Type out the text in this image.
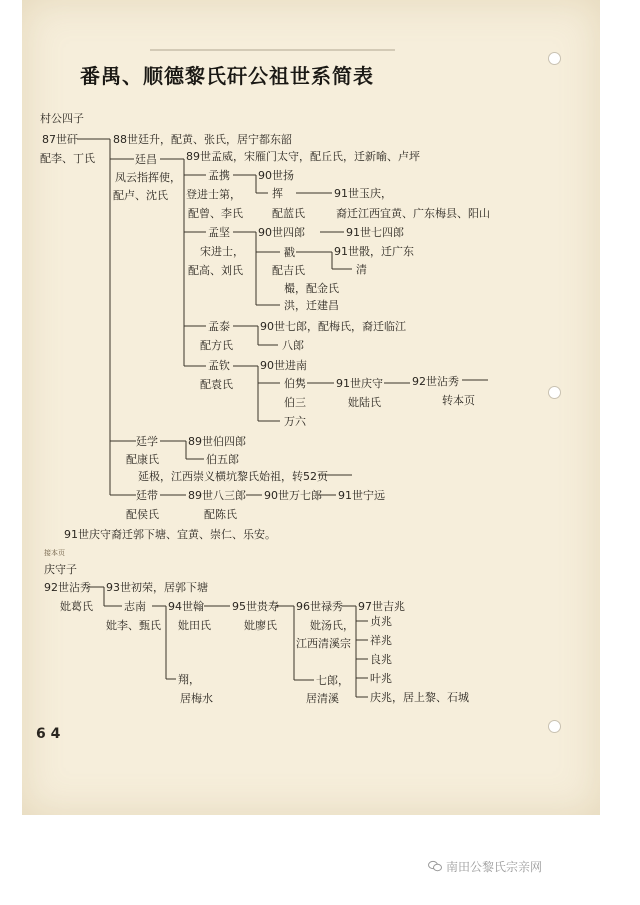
番禺、顺德黎氏矸公祖世系简表
村公四子
87世矸
配李、丁氏
88世廷升，配黄、张氏，居宁都东韶
廷昌
凤云指挥使，
配卢、沈氏
89世孟威，宋雁门太守，配丘氏，迁新喻、卢坪
孟携
登进士第，
配曾、李氏
90世扬
挥
配蓝氏
91世玉庆，
裔迁江西宜黄、广东梅县、阳山
孟坚
宋进士，
配高、刘氏
90世四郎	91世七四郎
戳
配吉氏
91世骰，迁广东
清
樶，配金氏
洪，迁建昌
孟泰
配方氏
90世七郎，配梅氏，裔迁临江
八郎
孟钦
配袁氏
90世进南
伯隽	91世庆守	92世沾秀
妣陆氏	转本页
伯三
万六
廷学
配康氏
89世伯四郎
伯五郎
延极，江西崇义横坑黎氏始祖，转52页
廷带
配侯氏
89世八三郎
配陈氏
90世万七郎 91世宁远
91世庆守裔迁郭下塘、宜黄、崇仁、乐安。
接本页
庆守子
92世沾秀
妣葛氏
93世初荣，居郭下塘
志南
妣李、甄氏
94世翰
妣田氏
翔，
居梅水
95世贵寿
妣廖氏
96世禄秀
妣汤氏，
江西清溪宗
七郎，
居清溪
97世吉兆
贞兆
祥兆
良兆
叶兆
庆兆，居上黎、石城
6 4
南田公黎氏宗亲网
